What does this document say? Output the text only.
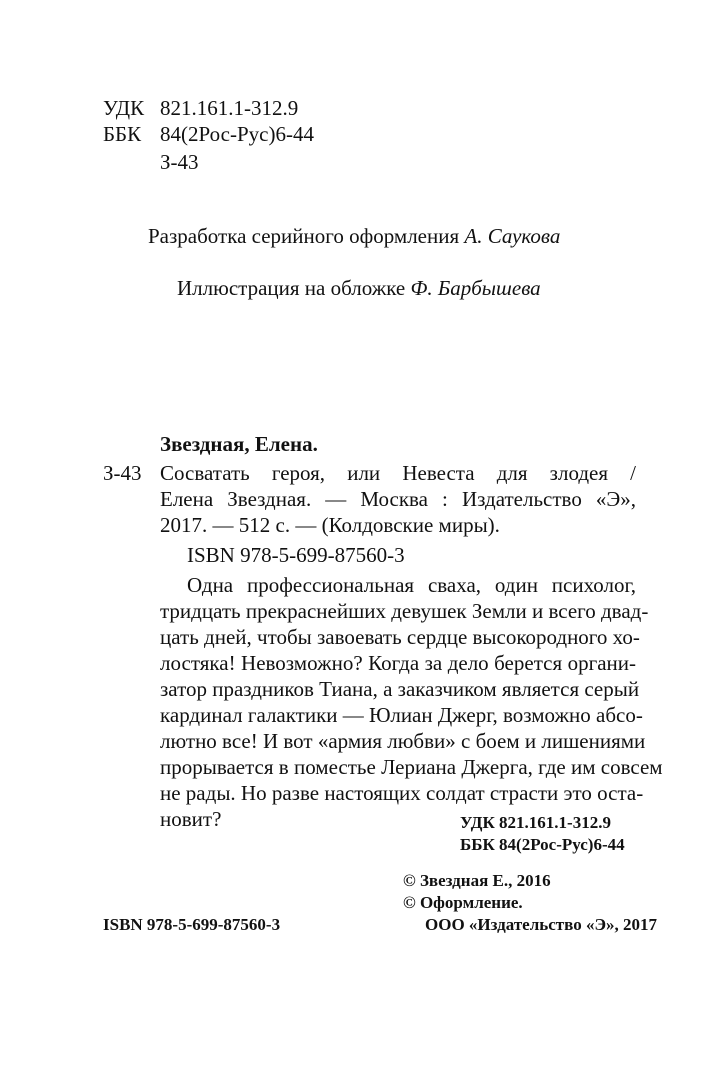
УДК 821.161.1-312.9
ББК 84(2Рос-Рус)6-44
З-43
Разработка серийного оформления А. Саукова
Иллюстрация на обложке Ф. Барбышева
Звездная, Елена.
З-43 Сосватать героя, или Невеста для злодея /
Елена Звездная. — Москва : Издательство «Э»,
2017. — 512 с. — (Колдовские миры).
ISBN 978-5-699-87560-3
Одна профессиональная сваха, один психолог,
тридцать прекраснейших девушек Земли и всего двад-
цать дней, чтобы завоевать сердце высокородного хо-
лостяка! Невозможно? Когда за дело берется органи-
затор праздников Тиана, а заказчиком является серый
кардинал галактики — Юлиан Джерг, возможно абсо-
лютно все! И вот «армия любви» с боем и лишениями
прорывается в поместье Лериана Джерга, где им совсем
не рады. Но разве настоящих солдат страсти это оста-
новит?	УДК 821.161.1-312.9
ББК 84(2Рос-Рус)6-44
© Звездная Е., 2016
© Оформление.
ООО «Издательство «Э», 2017
ISBN 978-5-699-87560-3
